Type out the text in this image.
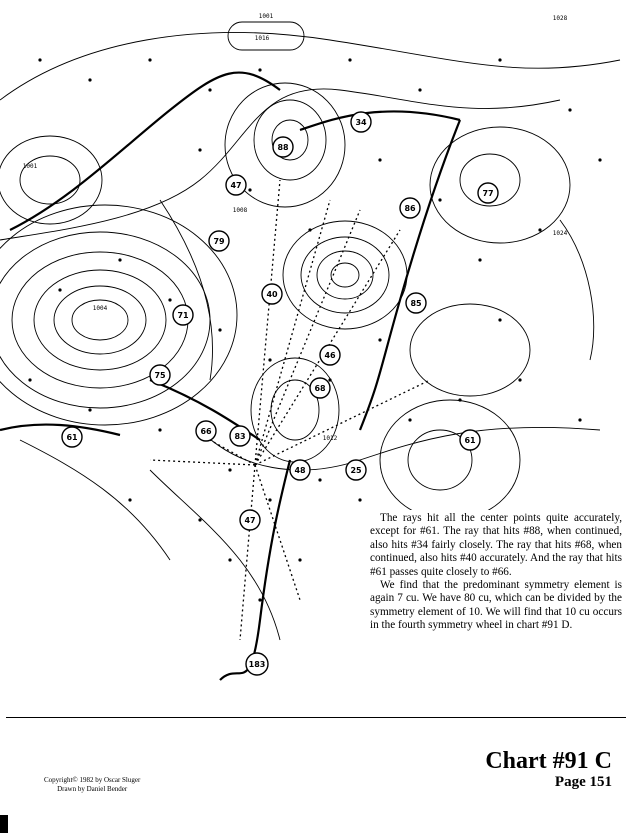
61
88
34
68
40
66
71
79
86
77
85
83
46
48
47
25
47
61
75
183
1001
1016
1008
1001
1024
1004
1012
1028

The rays hit all the center points quite accurately, except for #61. The ray that hits #88, when continued, also hits #34 fairly closely. The ray that hits #68, when continued, also hits #40 accurately. And the ray that hits #61 passes quite closely to #66.

We find that the predominant symmetry element is again 7 cu. We have 80 cu, which can be divided by the symmetry element of 10. We will find that 10 cu occurs in the fourth symmetry wheel in chart #91 D.

Copyright© 1982 by Oscar Sluger
Drawn by Daniel Bender
Chart #91 C
Page 151
